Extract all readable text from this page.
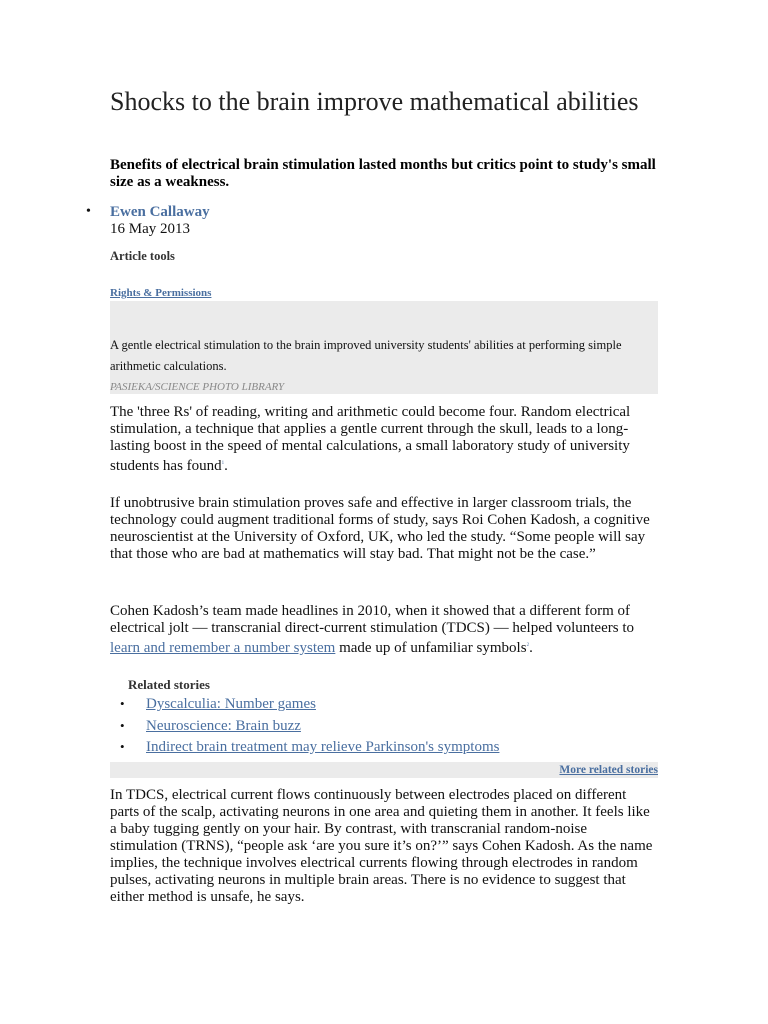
Shocks to the brain improve mathematical abilities

Benefits of electrical brain stimulation lasted months but critics point to study's small size as a weakness.

• Ewen Callaway
16 May 2013
Article tools
Rights & Permissions
A gentle electrical stimulation to the brain improved university students' abilities at performing simple arithmetic calculations.
PASIEKA/SCIENCE PHOTO LIBRARY

The 'three Rs' of reading, writing and arithmetic could become four. Random electrical stimulation, a technique that applies a gentle current through the skull, leads to a long-lasting boost in the speed of mental calculations, a small laboratory study of university students has found$^1$.

If unobtrusive brain stimulation proves safe and effective in larger classroom trials, the technology could augment traditional forms of study, says Roi Cohen Kadosh, a cognitive neuroscientist at the University of Oxford, UK, who led the study. “Some people will say that those who are bad at mathematics will stay bad. That might not be the case.”

Cohen Kadosh’s team made headlines in 2010, when it showed that a different form of electrical jolt — transcranial direct-current stimulation (TDCS) — helped volunteers to learn and remember a number system made up of unfamiliar symbols$^2$.

Related stories
• Dyscalculia: Number games
• Neuroscience: Brain buzz
• Indirect brain treatment may relieve Parkinson's symptoms
More related stories

In TDCS, electrical current flows continuously between electrodes placed on different parts of the scalp, activating neurons in one area and quieting them in another. It feels like a baby tugging gently on your hair. By contrast, with transcranial random-noise stimulation (TRNS), “people ask ‘are you sure it’s on?’” says Cohen Kadosh. As the name implies, the technique involves electrical currents flowing through electrodes in random pulses, activating neurons in multiple brain areas. There is no evidence to suggest that either method is unsafe, he says.
